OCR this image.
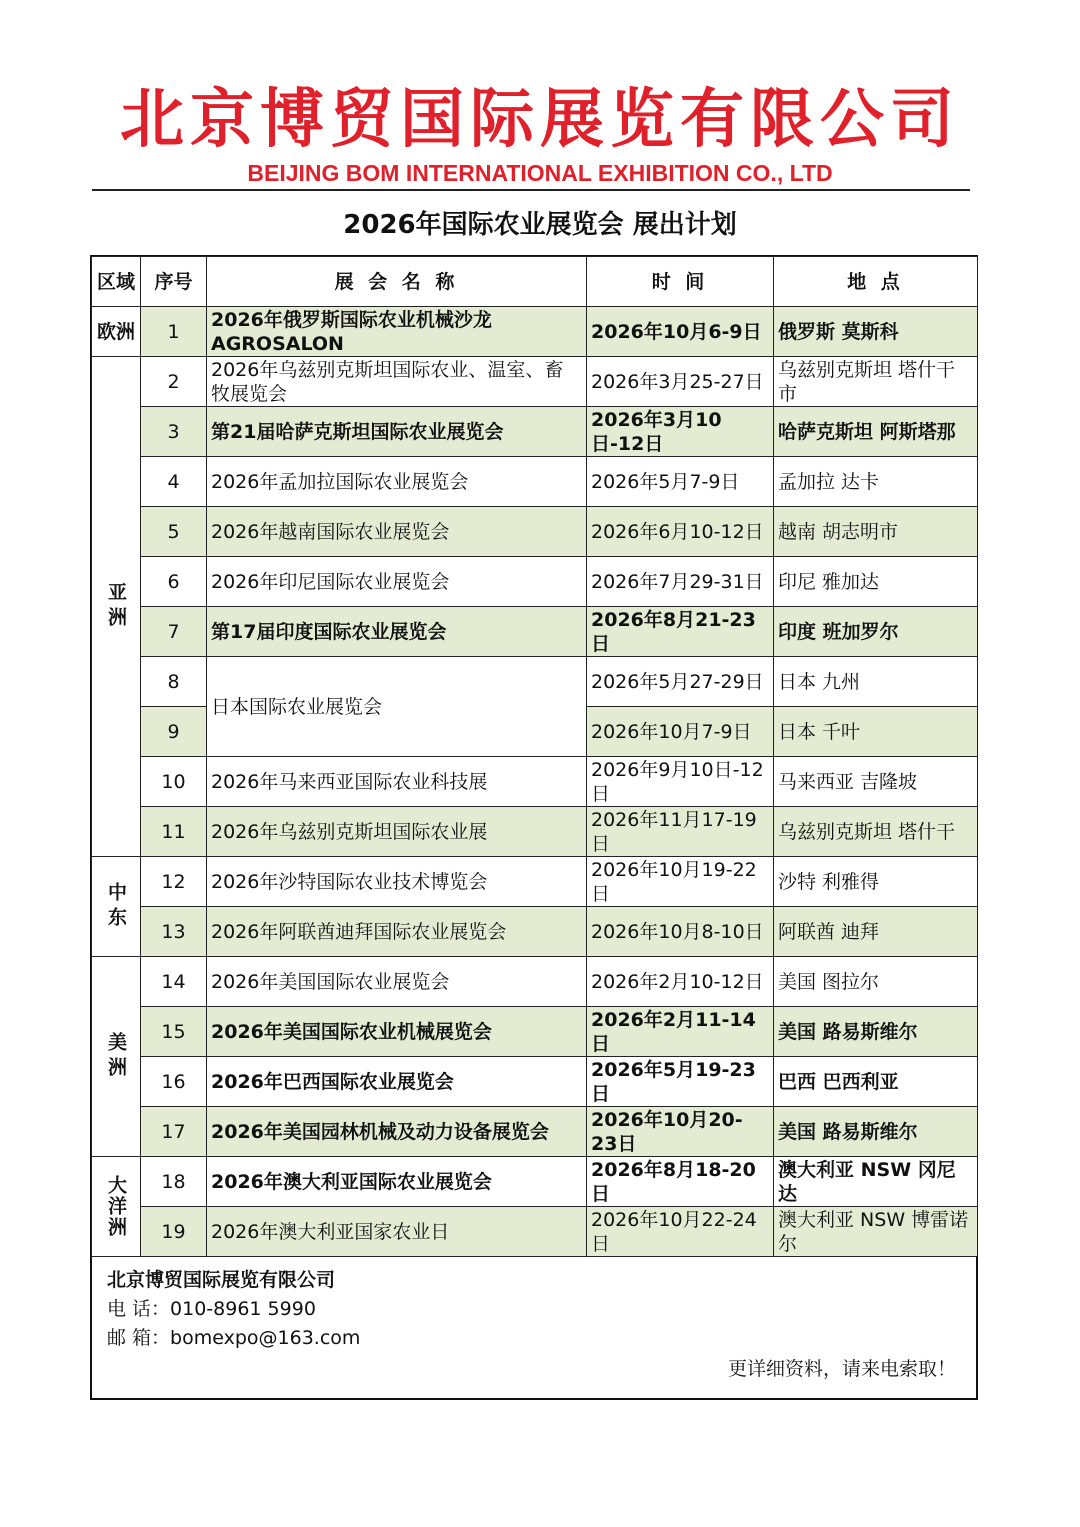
北京博贸国际展览有限公司
BEIJING BOM INTERNATIONAL EXHIBITION CO., LTD
2026年国际农业展览会 展出计划
区域	序号	展 会 名 称	时 间	地 点
欧洲	1	2026年俄罗斯国际农业机械沙龙 AGROSALON	2026年10月6-9日	俄罗斯 莫斯科

亚洲	2	2026年乌兹别克斯坦国际农业、温室、畜牧展览会	2026年3月25-27日	乌兹别克斯坦 塔什干市

	3	第21届哈萨克斯坦国际农业展览会	2026年3月10日-12日	哈萨克斯坦 阿斯塔那

	4	2026年孟加拉国际农业展览会	2026年5月7-9日	孟加拉 达卡

	5	2026年越南国际农业展览会	2026年6月10-12日	越南 胡志明市

	6	2026年印尼国际农业展览会	2026年7月29-31日	印尼 雅加达

	7	第17届印度国际农业展览会	2026年8月21-23日	印度 班加罗尔

	8	日本国际农业展览会	2026年5月27-29日	日本 九州

	9		2026年10月7-9日	日本 千叶

	10	2026年马来西亚国际农业科技展	2026年9月10日-12日	马来西亚 吉隆坡

	11	2026年乌兹别克斯坦国际农业展	2026年11月17-19日	乌兹别克斯坦 塔什干

中东	12	2026年沙特国际农业技术博览会	2026年10月19-22日	沙特 利雅得

	13	2026年阿联酋迪拜国际农业展览会	2026年10月8-10日	阿联酋 迪拜

美洲	14	2026年美国国际农业展览会	2026年2月10-12日	美国 图拉尔

	15	2026年美国国际农业机械展览会	2026年2月11-14日	美国 路易斯维尔

	16	2026年巴西国际农业展览会	2026年5月19-23日	巴西 巴西利亚

	17	2026年美国园林机械及动力设备展览会	2026年10月20-23日	美国 路易斯维尔

大洋洲	18	2026年澳大利亚国际农业展览会	2026年8月18-20日	澳大利亚 NSW 冈尼达

	19	2026年澳大利亚国家农业日	2026年10月22-24日	澳大利亚 NSW 博雷诺尔
北京博贸国际展览有限公司
电 话：010-8961 5990
邮 箱：bomexpo@163.com
更详细资料，请来电索取！
